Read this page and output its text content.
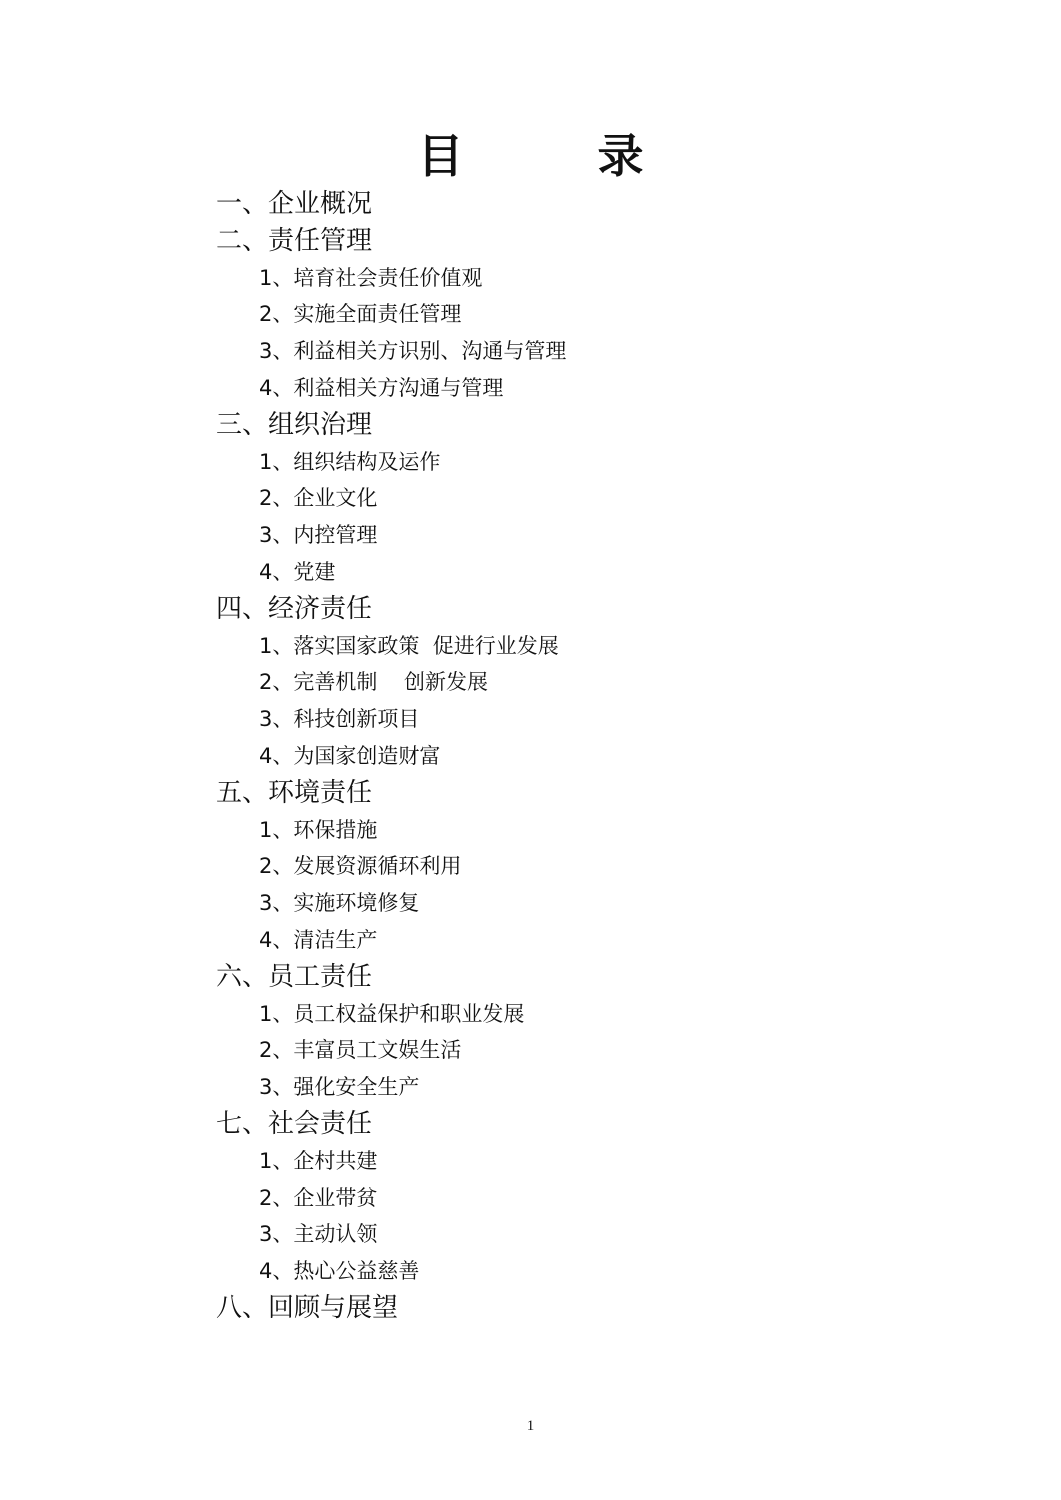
目　录
一、企业概况
二、责任管理
1、培育社会责任价值观
2、实施全面责任管理
3、利益相关方识别、沟通与管理
4、利益相关方沟通与管理
三、组织治理
1、组织结构及运作
2、企业文化
3、内控管理
4、党建
四、经济责任
1、落实国家政策  促进行业发展
2、完善机制    创新发展
3、科技创新项目
4、为国家创造财富
五、环境责任
1、环保措施
2、发展资源循环利用
3、实施环境修复
4、清洁生产
六、员工责任
1、员工权益保护和职业发展
2、丰富员工文娱生活
3、强化安全生产
七、社会责任
1、企村共建
2、企业带贫
3、主动认领
4、热心公益慈善
八、回顾与展望
1
